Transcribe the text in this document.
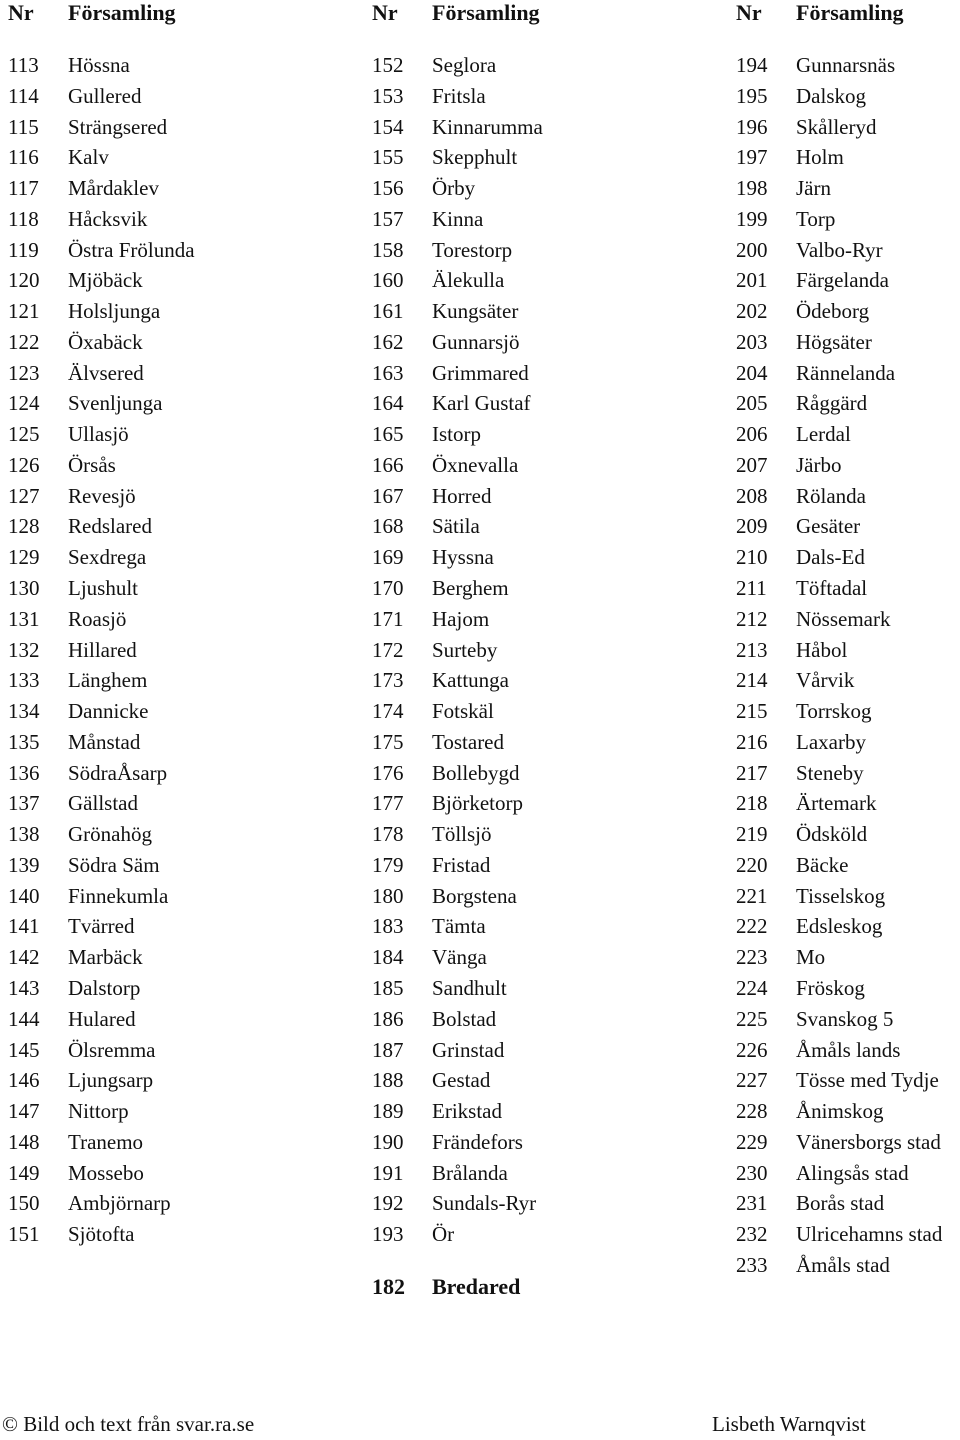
Nr Församling
113 Hössna
114 Gullered
115 Strängsered
116 Kalv
117 Mårdaklev
118 Håcksvik
119 Östra Frölunda
120 Mjöbäck
121 Holsljunga
122 Öxabäck
123 Älvsered
124 Svenljunga
125 Ullasjö
126 Örsås
127 Revesjö
128 Redslared
129 Sexdrega
130 Ljushult
131 Roasjö
132 Hillared
133 Länghem
134 Dannicke
135 Månstad
136 SödraÅsarp
137 Gällstad
138 Grönahög
139 Södra Säm
140 Finnekumla
141 Tvärred
142 Marbäck
143 Dalstorp
144 Hulared
145 Ölsremma
146 Ljungsarp
147 Nittorp
148 Tranemo
149 Mossebo
150 Ambjörnarp
151 Sjötofta
Nr Församling
152 Seglora
153 Fritsla
154 Kinnarumma
155 Skepphult
156 Örby
157 Kinna
158 Torestorp
160 Älekulla
161 Kungsäter
162 Gunnarsjö
163 Grimmared
164 Karl Gustaf
165 Istorp
166 Öxnevalla
167 Horred
168 Sätila
169 Hyssna
170 Berghem
171 Hajom
172 Surteby
173 Kattunga
174 Fotskäl
175 Tostared
176 Bollebygd
177 Björketorp
178 Töllsjö
179 Fristad
180 Borgstena
183 Tämta
184 Vänga
185 Sandhult
186 Bolstad
187 Grinstad
188 Gestad
189 Erikstad
190 Frändefors
191 Brålanda
192 Sundals-Ryr
193 Ör
182 Bredared
Nr Församling
194 Gunnarsnäs
195 Dalskog
196 Skålleryd
197 Holm
198 Järn
199 Torp
200 Valbo-Ryr
201 Färgelanda
202 Ödeborg
203 Högsäter
204 Rännelanda
205 Råggärd
206 Lerdal
207 Järbo
208 Rölanda
209 Gesäter
210 Dals-Ed
211 Töftadal
212 Nössemark
213 Håbol
214 Vårvik
215 Torrskog
216 Laxarby
217 Steneby
218 Ärtemark
219 Ödsköld
220 Bäcke
221 Tisselskog
222 Edsleskog
223 Mo
224 Fröskog
225 Svanskog 5
226 Åmåls lands
227 Tösse med Tydje
228 Ånimskog
229 Vänersborgs stad
230 Alingsås stad
231 Borås stad
232 Ulricehamns stad
233 Åmåls stad
© Bild och text från svar.ra.se	Lisbeth Warnqvist
